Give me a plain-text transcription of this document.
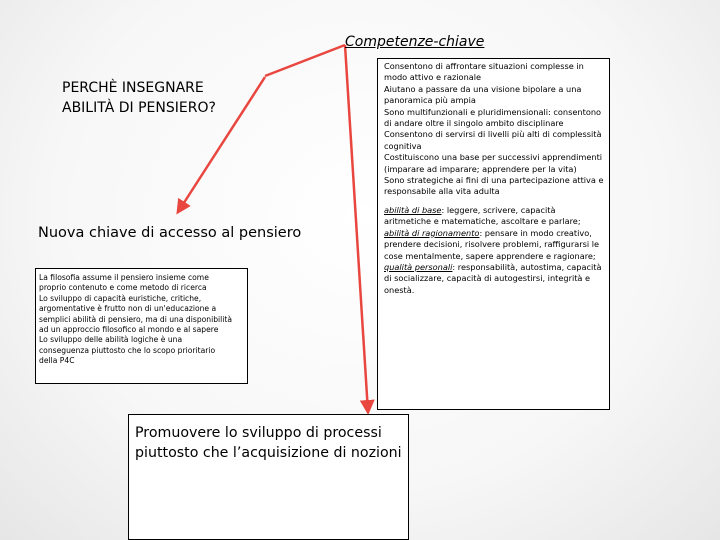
Competenze-chiave
PERCHÈ INSEGNARE
ABILITÀ DI PENSIERO?
Nuova chiave di accesso al pensiero
Consentono di affrontare situazioni complesse in
modo attivo e razionale
Aiutano a passare da una visione bipolare a una
panoramica più ampia
Sono multifunzionali e pluridimensionali: consentono
di andare oltre il singolo ambito disciplinare
Consentono di servirsi di livelli più alti di complessità
cognitiva
Costituiscono una base per successivi apprendimenti
(imparare ad imparare; apprendere per la vita)
Sono strategiche ai fini di una partecipazione attiva e
responsabile alla vita adulta
abilità di base: leggere, scrivere, capacità aritmetiche e matematiche, ascoltare e parlare; abilità di ragionamento: pensare in modo creativo, prendere decisioni, risolvere problemi, raffigurarsi le cose mentalmente, sapere apprendere e ragionare; qualità personali: responsabilità, autostima, capacità di socializzare, capacità di autogestirsi, integrità e onestà.
La filosofia assume il pensiero insieme come
proprio contenuto e come metodo di ricerca
Lo sviluppo di capacità euristiche, critiche,
argomentative è frutto non di un'educazione a
semplici abilità di pensiero, ma di una disponibilità
ad un approccio filosofico al mondo e al sapere
Lo sviluppo delle abilità logiche è una
conseguenza piuttosto che lo scopo prioritario
della P4C
Promuovere lo sviluppo di processi
piuttosto che l’acquisizione di nozioni
